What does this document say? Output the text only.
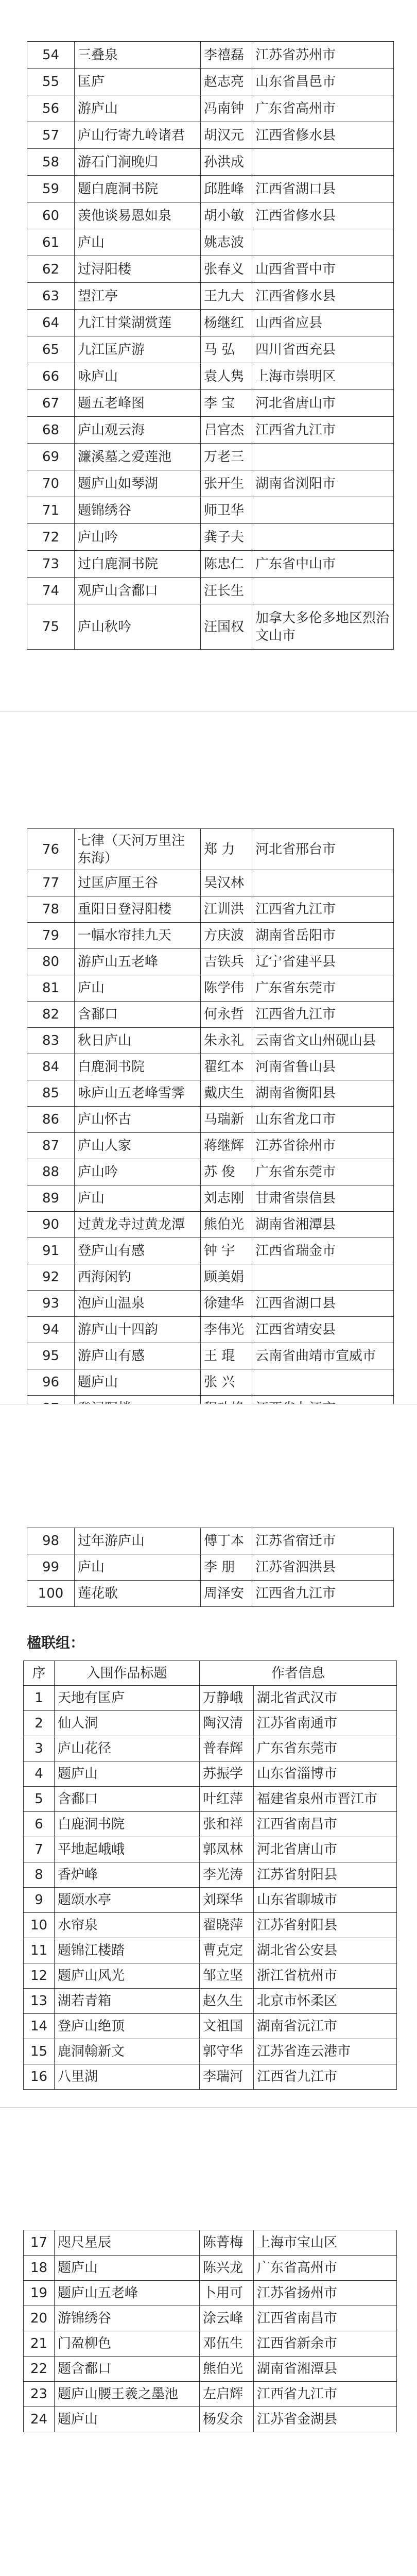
54	三叠泉	李禧磊	江苏省苏州市
55	匡庐	赵志亮	山东省昌邑市
56	游庐山	冯南钟	广东省高州市
57	庐山行寄九岭诸君	胡汉元	江西省修水县
58	游石门涧晚归	孙洪成	
59	题白鹿洞书院	邱胜峰	江西省湖口县
60	羡他谈易恩如泉	胡小敏	江西省修水县
61	庐山	姚志波	
62	过浔阳楼	张春义	山西省晋中市
63	望江亭	王九大	江西省修水县
64	九江甘棠湖赏莲	杨继红	山西省应县
65	九江匡庐游	马 弘	四川省西充县
66	咏庐山	袁人隽	上海市崇明区
67	题五老峰图	李 宝	河北省唐山市
68	庐山观云海	吕官杰	江西省九江市
69	濂溪墓之爱莲池	万老三	
70	题庐山如琴湖	张开生	湖南省浏阳市
71	题锦绣谷	师卫华	
72	庐山吟	龚子夫	
73	过白鹿洞书院	陈忠仁	广东省中山市
74	观庐山含鄱口	汪长生	
75	庐山秋吟	汪国权	加拿大多伦多地区烈治文山市
76	七律（天河万里注东海）	郑 力	河北省邢台市
77	过匡庐厘王谷	吴汉林	
78	重阳日登浔阳楼	江训洪	江西省九江市
79	一幅水帘挂九天	方庆波	湖南省岳阳市
80	游庐山五老峰	吉铁兵	辽宁省建平县
81	庐山	陈学伟	广东省东莞市
82	含鄱口	何永哲	江西省九江市
83	秋日庐山	朱永礼	云南省文山州砚山县
84	白鹿洞书院	翟红本	河南省鲁山县
85	咏庐山五老峰雪霁	戴庆生	湖南省衡阳县
86	庐山怀古	马瑞新	山东省龙口市
87	庐山人家	蒋继辉	江苏省徐州市
88	庐山吟	苏 俊	广东省东莞市
89	庐山	刘志刚	甘肃省崇信县
90	过黄龙寺过黄龙潭	熊伯光	湖南省湘潭县
91	登庐山有感	钟 宇	江西省瑞金市
92	西海闲钓	顾美娟	
93	泡庐山温泉	徐建华	江西省湖口县
94	游庐山十四韵	李伟光	江西省靖安县
95	游庐山有感	王 琨	云南省曲靖市宣威市
96	题庐山	张 兴	

98	过年游庐山	傅丁本	江苏省宿迁市
99	庐山	李 朋	江苏省泗洪县
100	莲花歌	周泽安	江西省九江市
楹联组：
序	入围作品标题	作者信息	
1	天地有匡庐	万静峨	湖北省武汉市
2	仙人洞	陶汉清	江苏省南通市
3	庐山花径	普春辉	广东省东莞市
4	题庐山	苏振学	山东省淄博市
5	含鄱口	叶红萍	福建省泉州市晋江市
6	白鹿洞书院	张和祥	江西省南昌市
7	平地起峨峨	郭凤林	河北省唐山市
8	香炉峰	李光涛	江苏省射阳县
9	题颂水亭	刘琛华	山东省聊城市
10	水帘泉	翟晓萍	江苏省射阳县
11	题锦江楼踏	曹克定	湖北省公安县
12	题庐山风光	邹立坚	浙江省杭州市
13	湖若青箱	赵久生	北京市怀柔区
14	登庐山绝顶	文祖国	湖南省沅江市
15	鹿洞翰新文	郭守华	江苏省连云港市
16	八里湖	李瑞河	江西省九江市
17	咫尺星辰	陈菁梅	上海市宝山区
18	题庐山	陈兴龙	广东省高州市
19	题庐山五老峰	卜用可	江苏省扬州市
20	游锦绣谷	涂云峰	江西省南昌市
21	门盈柳色	邓伍生	江西省新余市
22	题含鄱口	熊伯光	湖南省湘潭县
23	题庐山腰王羲之墨池	左启辉	江西省九江市
24	题庐山	杨发余	江苏省金湖县
